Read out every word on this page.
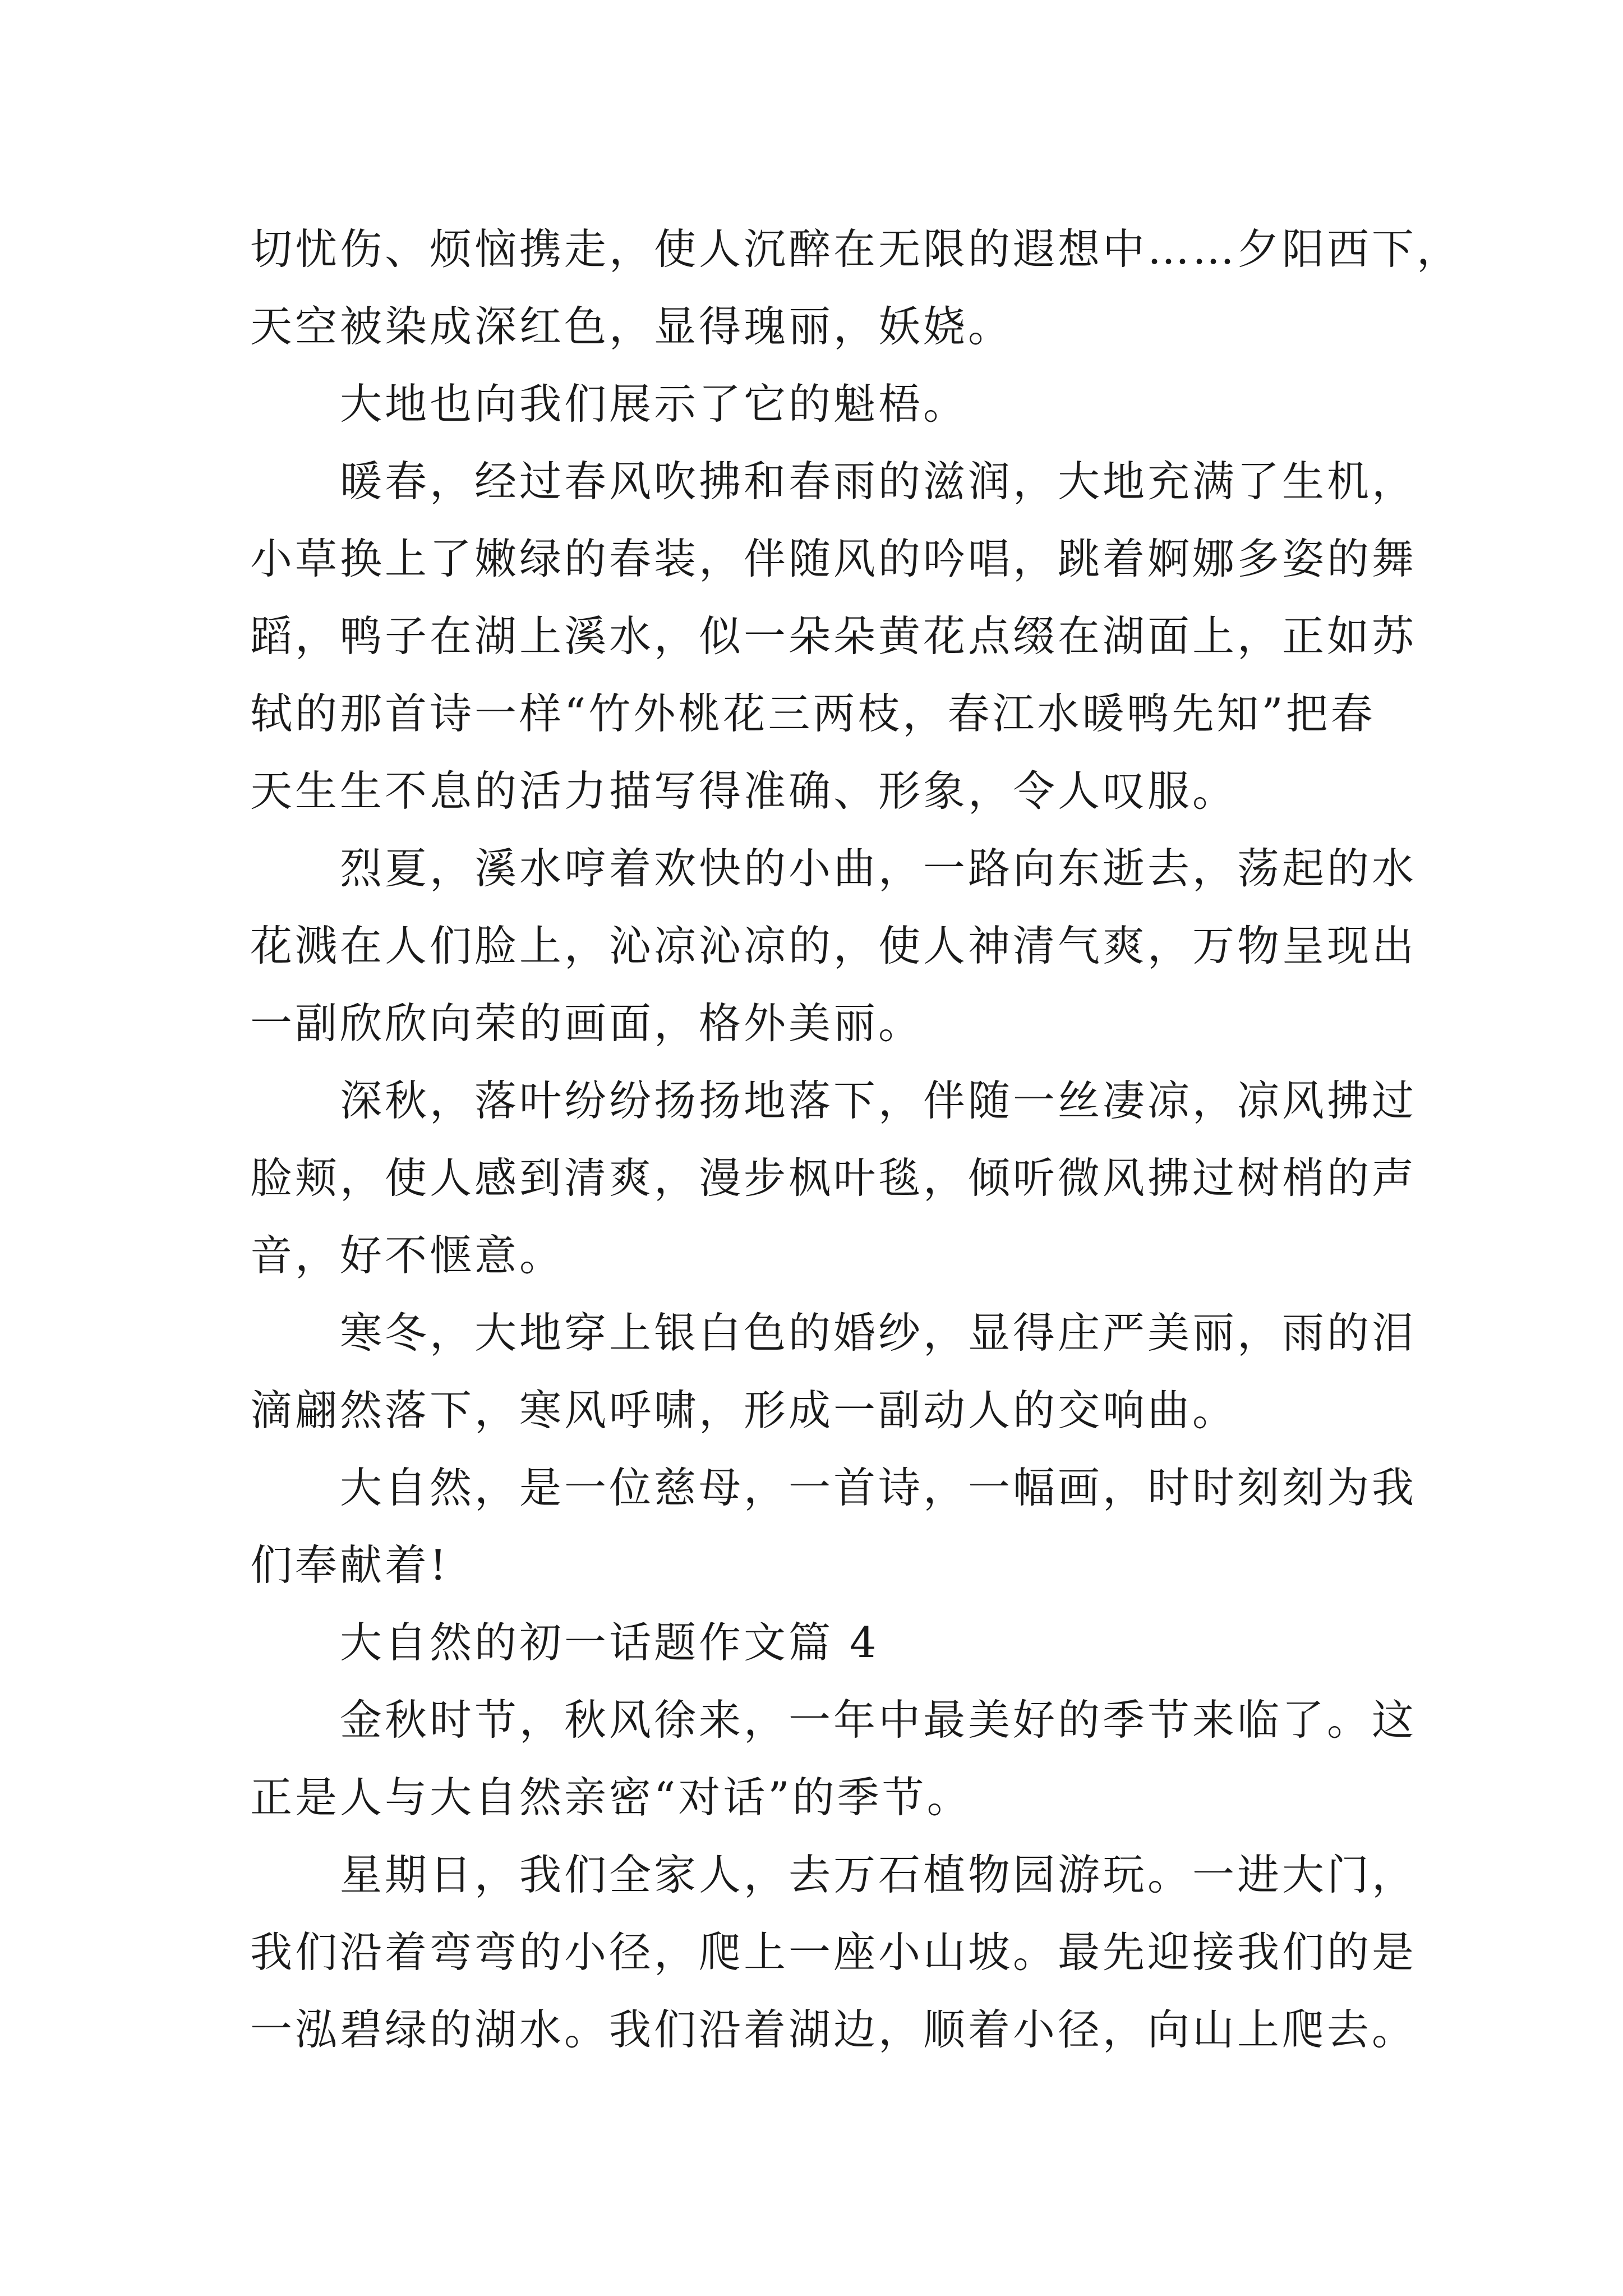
切忧伤、烦恼携走，使人沉醉在无限的遐想中……夕阳西下，
天空被染成深红色，显得瑰丽，妖娆。
大地也向我们展示了它的魁梧。
暖春，经过春风吹拂和春雨的滋润，大地充满了生机，
小草换上了嫩绿的春装，伴随风的吟唱，跳着婀娜多姿的舞
蹈，鸭子在湖上溪水，似一朵朵黄花点缀在湖面上，正如苏
轼的那首诗一样“竹外桃花三两枝，春江水暖鸭先知”把春
天生生不息的活力描写得准确、形象，令人叹服。
烈夏，溪水哼着欢快的小曲，一路向东逝去，荡起的水
花溅在人们脸上，沁凉沁凉的，使人神清气爽，万物呈现出
一副欣欣向荣的画面，格外美丽。
深秋，落叶纷纷扬扬地落下，伴随一丝凄凉，凉风拂过
脸颊，使人感到清爽，漫步枫叶毯，倾听微风拂过树梢的声
音，好不惬意。
寒冬，大地穿上银白色的婚纱，显得庄严美丽，雨的泪
滴翩然落下，寒风呼啸，形成一副动人的交响曲。
大自然，是一位慈母，一首诗，一幅画，时时刻刻为我
们奉献着!
大自然的初一话题作文篇 4
金秋时节，秋风徐来，一年中最美好的季节来临了。这
正是人与大自然亲密“对话”的季节。
星期日，我们全家人，去万石植物园游玩。一进大门，
我们沿着弯弯的小径，爬上一座小山坡。最先迎接我们的是
一泓碧绿的湖水。我们沿着湖边，顺着小径，向山上爬去。
